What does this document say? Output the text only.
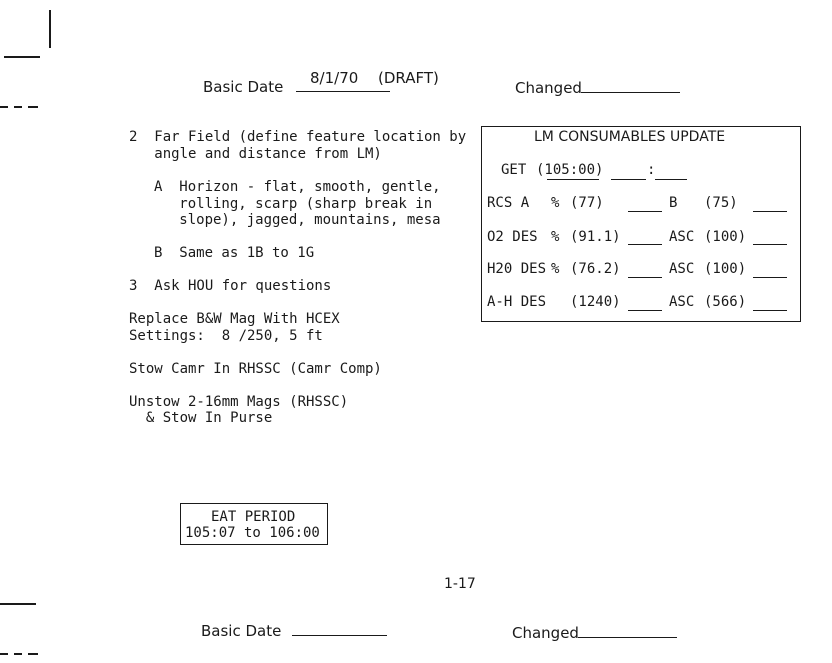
Basic Date 8/1/70 (DRAFT)
Changed
2  Far Field (define feature location by
angle and distance from LM)
A  Horizon - flat, smooth, gentle,
rolling, scarp (sharp break in
slope), jagged, mountains, mesa
B  Same as 1B to 1G
3  Ask HOU for questions
Replace B&W Mag With HCEX
Settings:  8 /250, 5 ft
Stow Camr In RHSSC (Camr Comp)
Unstow 2-16mm Mags (RHSSC)
& Stow In Purse
LM CONSUMABLES UPDATE
GET (105:00)	:
RCS A % (77)	B (75)
O2 DES % (91.1)	ASC (100)
H20 DES % (76.2)	ASC (100)
A-H DES (1240)	ASC (566)
EAT PERIOD
105:07 to 106:00
1-17
Basic Date	Changed
